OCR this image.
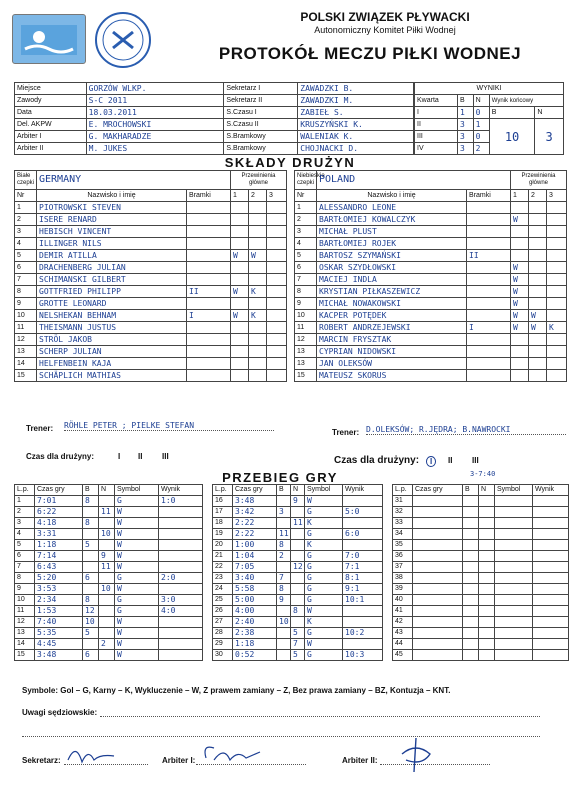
POLSKI ZWIĄZEK PŁYWACKI
Autonomiczny Komitet Piłki Wodnej
PROTOKÓŁ MECZU PIŁKI WODNEJ
Miejsce	GORZÓW WLKP.	Sekretarz I	ZAWADZKI B.
Zawody	S-C 2011	Sekretarz II	ZAWADZKI M.
Data	18.03.2011	S.Czasu I	ZABIEŁ S.
Del. AKPW	E. MROCHOWSKI	S.Czasu II	KRUSZYŃSKI K.
Arbiter I	G. MAKHARADZE	S.Bramkowy	WALENIAK K.
Arbiter II	M. JUKES	S.Bramkowy	CHOJNACKI D.
WYNIKI				
Kwarta	B	N	Wynik końcowy	
I	1	0	B	N
II	3	1	10	3
III	3	0		
IV	3	2		
SKŁADY DRUŻYN
Białe czepki	GERMANY		Przewinienia główne		
Nr	Nazwisko i imię	Bramki	1	2	3
1	PIOTROWSKI STEVEN				
2	ISERE RENARD				
3	HEBISCH VINCENT				
4	ILLINGER NILS				
5	DEMIR ATILLA		W	W	
6	DRACHENBERG JULIAN				
7	SCHIMANSKI GILBERT				
8	GOTTFRIED PHILIPP	II	W	K	
9	GROTTE LEONARD				
10	NELSHEKAN BEHNAM	I	W	K	
11	THEISMANN JUSTUS				
12	STRÖL JAKOB				
13	SCHERP JULIAN				
14	HELFENBEIN KAJA				
15	SCHÄPLICH MATHIAS				
Niebieskie czepki	POLAND		Przewinienia główne		
Nr	Nazwisko i imię	Bramki	1	2	3
1	ALESSANDRO LEONE				
2	BARTŁOMIEJ KOWALCZYK		W		
3	MICHAŁ PLUST				
4	BARTŁOMIEJ ROJEK				
5	BARTOSZ SZYMAŃSKI	II			
6	OSKAR SZYDŁOWSKI		W		
7	MACIEJ INDLA		W		
8	KRYSTIAN PIŁKASZEWICZ		W		
9	MICHAŁ NOWAKOWSKI		W		
10	KACPER POTĘDEK		W	W	
11	ROBERT ANDRZEJEWSKI	I	W	W	K
12	MARCIN FRYSZTAK				
13	CYPRIAN NIDOWSKI				
13	JAN OLEKSÓW				
15	MATEUSZ SKORUS				
Trener: RÖHLE PETER ; PIELKE STEFAN
Trener: D.OLEKSÓW; R.JĘDRA; B.NAWROCKI
Czas dla drużyny:	I II III	Czas dla drużyny:	I	II III
3-7:40
PRZEBIEG GRY
L.p.	Czas gry	B	N	Symbol	Wynik
1	7:01	8		G	1:0
2	6:22		11	W	
3	4:18	8		W	
4	3:31		10	W	
5	1:18	5		W	
6	7:14		9	W	
7	6:43		11	W	
8	5:20	6		G	2:0
9	3:53		10	W	
10	2:34	8		G	3:0
11	1:53	12		G	4:0
12	7:40	10		W	
13	5:35	5		W	
14	4:45		2	W	
15	3:48	6		W	
L.p.	Czas gry	B	N	Symbol	Wynik
16	3:48		9	W	
17	3:42	3		G	5:0
18	2:22		11	K	
19	2:22	11		G	6:0
20	1:00	8		K	
21	1:04	2		G	7:0
22	7:05		12	G	7:1
23	3:40	7		G	8:1
24	5:58	8		G	9:1
25	5:00	9		G	10:1
26	4:00		8	W	
27	2:40	10		K	
28	2:38		5	G	10:2
29	1:18		7	W	
30	0:52		5	G	10:3
L.p.	Czas gry	B	N	Symbol	Wynik
31					
32					
33					
34					
35					
36					
37					
38					
39					
40					
41					
42					
43					
44					
45					
Symbole: Gol – G, Karny – K, Wykluczenie – W, Z prawem zamiany – Z, Bez prawa zamiany – BZ, Kontuzja – KNT.
Uwagi sędziowskie:
Sekretarz:	Arbiter I:	Arbiter II:
